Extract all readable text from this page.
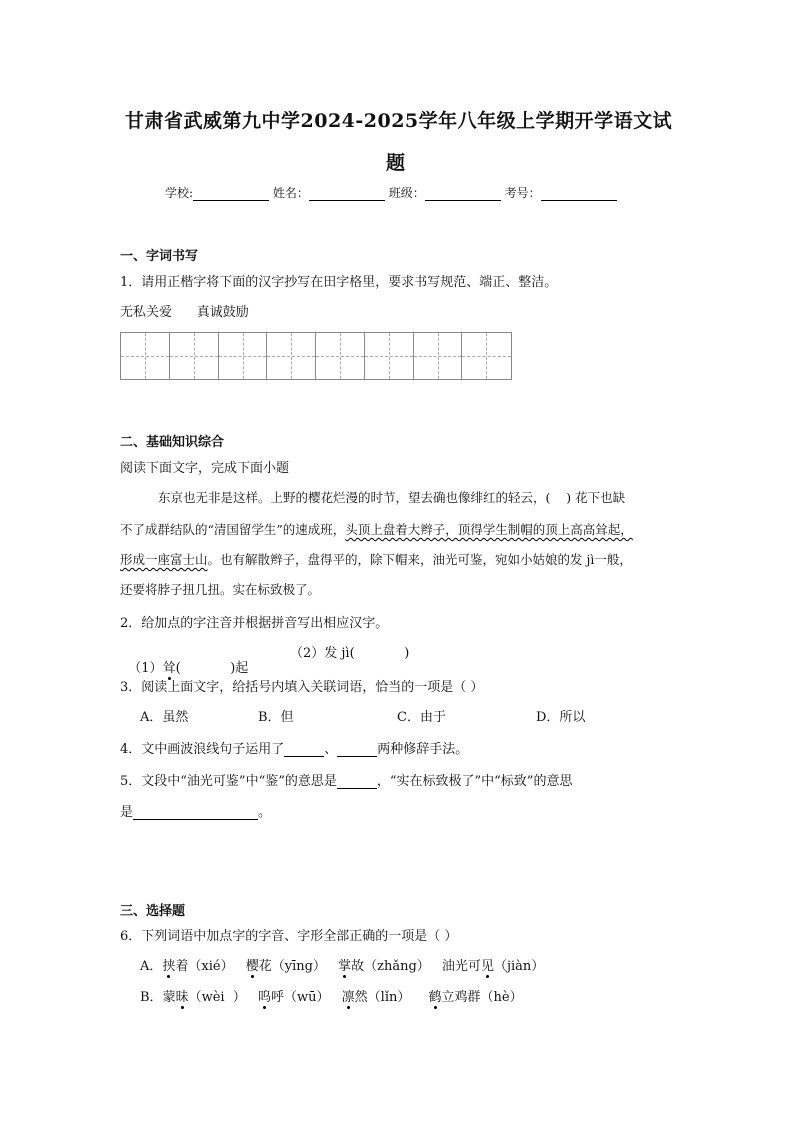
甘肃省武威第九中学2024-2025学年八年级上学期开学语文试
题
学校:	姓名：	班级：	考号：
一、字词书写
1．请用正楷字将下面的汉字抄写在田字格里，要求书写规范、端正、整洁。
无私关爱      真诚鼓励
二、基础知识综合
阅读下面文字，完成下面小题
东京也无非是这样。上野的樱花烂漫的时节，望去确也像绯红的轻云，(    ) 花下也缺
不了成群结队的“清国留学生”的速成班，头顶上盘着大辫子，顶得学生制帽的顶上高高耸起，
形成一座富士山。也有解散辫子，盘得平的，除下帽来，油光可鉴，宛如小姑娘的发 jì一般，
还要将脖子扭几扭。实在标致极了。
2．给加点的字注音并根据拼音写出相应汉字。

（1）耸(            )起

（2）发 jì(            )
3．阅读上面文字，给括号内填入关联词语，恰当的一项是（ ）
A．虽然	B．但	C．由于	D．所以
4．文中画波浪线句子运用了	、	两种修辞手法。
5．文段中“油光可鉴”中“鉴”的意思是	，“实在标致极了”中“标致”的意思
是	。
三、选择题
6．下列词语中加点字的字音、字形全部正确的一项是（ ）
A．挟着（xié） 樱花（yīng） 掌故（zhǎng） 油光可见（jiàn）
B．蒙昧（wèi  ） 呜呼（wū） 凛然（lǐn） 鹤立鸡群（hè）
